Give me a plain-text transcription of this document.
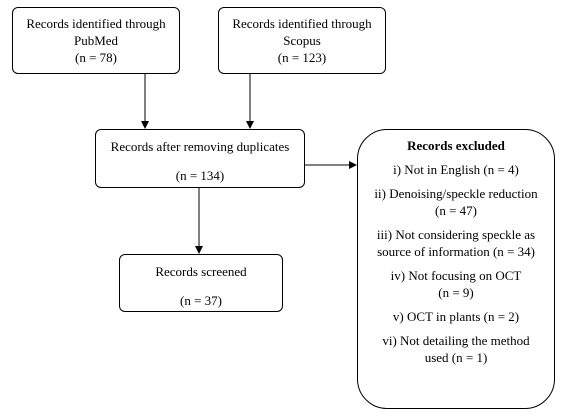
Records identified through
PubMed
(n = 78)
Records identified through
Scopus
(n = 123)
Records after removing duplicates
(n = 134)
Records screened
(n = 37)
Records excluded
i) Not in English (n = 4)
ii) Denoising/speckle reduction
(n = 47)
iii) Not considering speckle as
source of information (n = 34)
iv) Not focusing on OCT
(n = 9)
v) OCT in plants (n = 2)
vi) Not detailing the method
used (n = 1)
